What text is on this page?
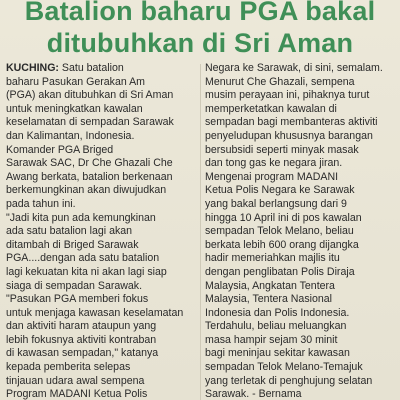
Batalion baharu PGA bakal
ditubuhkan di Sri Aman
KUCHING: Satu batalion
baharu Pasukan Gerakan Am
(PGA) akan ditubuhkan di Sri Aman
untuk meningkatkan kawalan
keselamatan di sempadan Sarawak
dan Kalimantan, Indonesia.
Komander PGA Briged
Sarawak SAC, Dr Che Ghazali Che
Awang berkata, batalion berkenaan
berkemungkinan akan diwujudkan
pada tahun ini.
"Jadi kita pun ada kemungkinan
ada satu batalion lagi akan
ditambah di Briged Sarawak
PGA....dengan ada satu batalion
lagi kekuatan kita ni akan lagi siap
siaga di sempadan Sarawak.
"Pasukan PGA memberi fokus
untuk menjaga kawasan keselamatan
dan aktiviti haram ataupun yang
lebih fokusnya aktiviti kontraban
di kawasan sempadan," katanya
kepada pemberita selepas
tinjauan udara awal sempena
Program MADANI Ketua Polis
Negara ke Sarawak, di sini, semalam.
Menurut Che Ghazali, sempena
musim perayaan ini, pihaknya turut
memperketatkan kawalan di
sempadan bagi membanteras aktiviti
penyeludupan khususnya barangan
bersubsidi seperti minyak masak
dan tong gas ke negara jiran.
Mengenai program MADANI
Ketua Polis Negara ke Sarawak
yang bakal berlangsung dari 9
hingga 10 April ini di pos kawalan
sempadan Telok Melano, beliau
berkata lebih 600 orang dijangka
hadir memeriahkan majlis itu
dengan penglibatan Polis Diraja
Malaysia, Angkatan Tentera
Malaysia, Tentera Nasional
Indonesia dan Polis Indonesia.
Terdahulu, beliau meluangkan
masa hampir sejam 30 minit
bagi meninjau sekitar kawasan
sempadan Telok Melano-Temajuk
yang terletak di penghujung selatan
Sarawak. - Bernama
